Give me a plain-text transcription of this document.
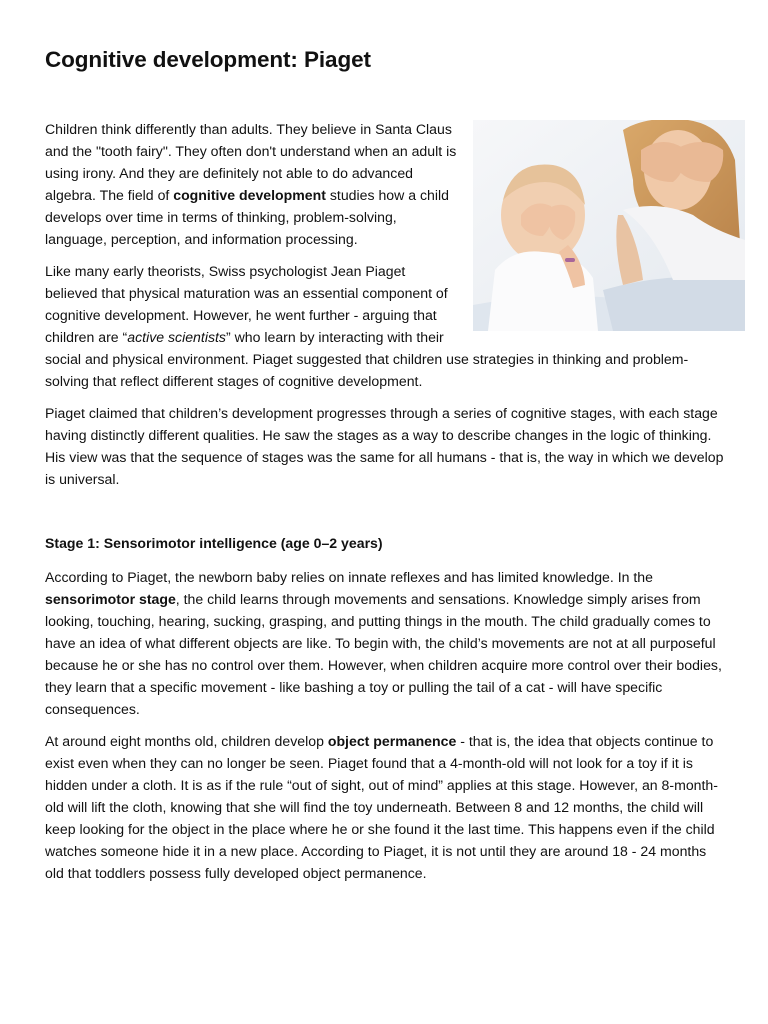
Cognitive development: Piaget

Children think differently than adults. They believe in Santa Claus and the "tooth fairy". They often don't understand when an adult is using irony. And they are definitely not able to do advanced algebra. The field of cognitive development studies how a child develops over time in terms of thinking, problem-solving, language, perception, and information processing.

Like many early theorists, Swiss psychologist Jean Piaget believed that physical maturation was an essential component of cognitive development. However, he went further - arguing that children are “active scientists” who learn by interacting with their social and physical environment. Piaget suggested that children use strategies in thinking and problem-solving that reflect different stages of cognitive development.

Piaget claimed that children’s development progresses through a series of cognitive stages, with each stage having distinctly different qualities. He saw the stages as a way to describe changes in the logic of thinking. His view was that the sequence of stages was the same for all humans - that is, the way in which we develop is universal.

Stage 1: Sensorimotor intelligence (age 0–2 years)

According to Piaget, the newborn baby relies on innate reflexes and has limited knowledge. In the sensorimotor stage, the child learns through movements and sensations. Knowledge simply arises from looking, touching, hearing, sucking, grasping, and putting things in the mouth. The child gradually comes to have an idea of what different objects are like. To begin with, the child’s movements are not at all purposeful because he or she has no control over them. However, when children acquire more control over their bodies, they learn that a specific movement - like bashing a toy or pulling the tail of a cat - will have specific consequences.

At around eight months old, children develop object permanence - that is, the idea that objects continue to exist even when they can no longer be seen. Piaget found that a 4-month-old will not look for a toy if it is hidden under a cloth. It is as if the rule “out of sight, out of mind” applies at this stage. However, an 8-month-old will lift the cloth, knowing that she will find the toy underneath. Between 8 and 12 months, the child will keep looking for the object in the place where he or she found it the last time. This happens even if the child watches someone hide it in a new place. According to Piaget, it is not until they are around 18 - 24 months old that toddlers possess fully developed object permanence.
